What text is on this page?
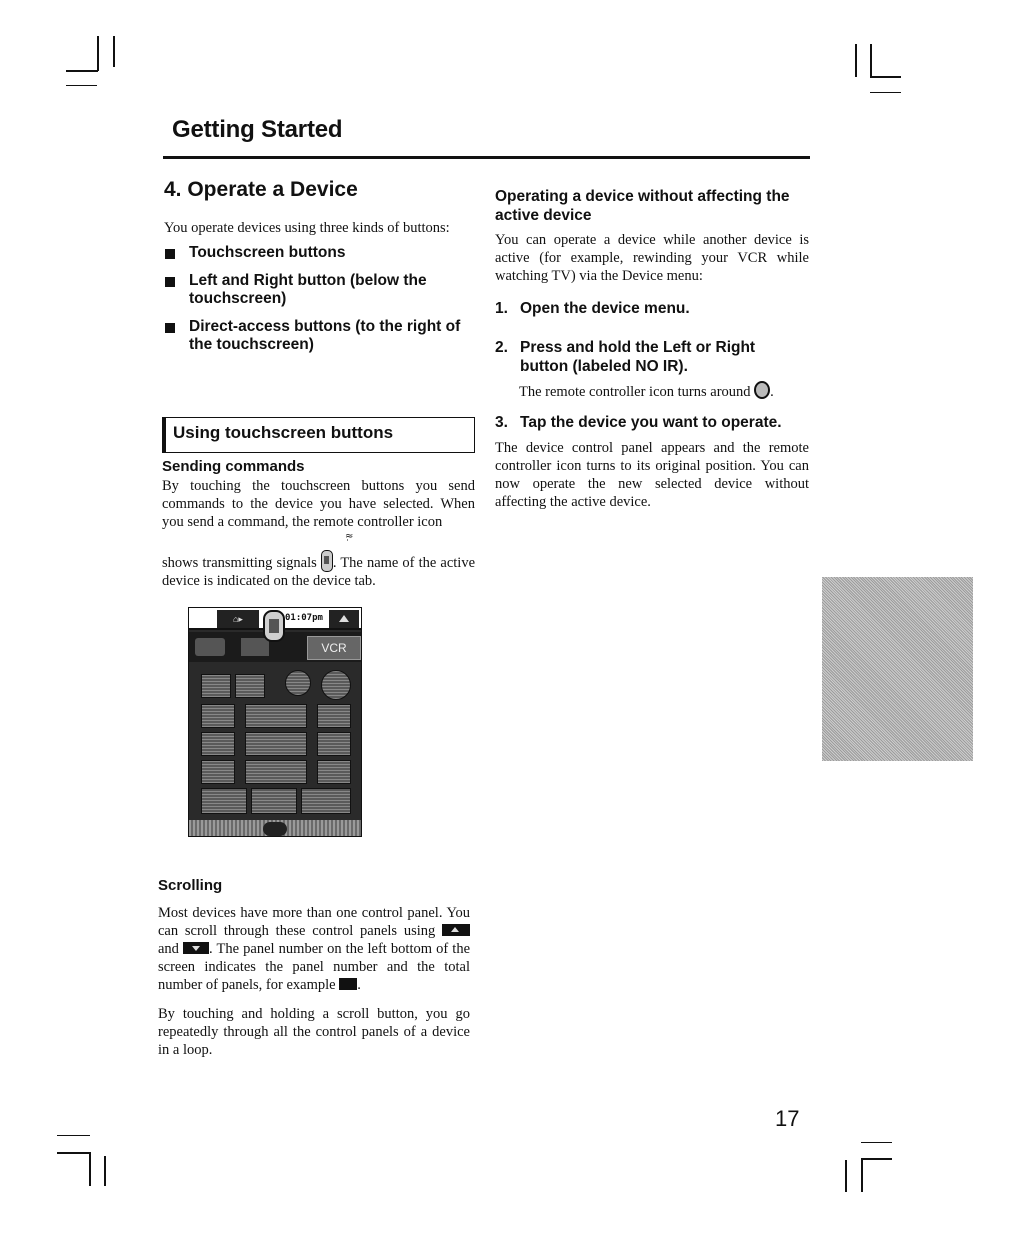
Getting Started
4. Operate a Device

You operate devices using three kinds of buttons:

Touchscreen buttons
Left and Right button (below the touchscreen)
Direct-access buttons (to the right of the touchscreen)
Using touchscreen buttons
Sending commands

By touching the touchscreen buttons you send commands to the device you have selected. When you send a command, the remote controller icon

≈
˙

shows transmitting signals . The name of the active device is indicated on the device tab.

⌂▸	01:07pm
VCR
Scrolling

Most devices have more than one control panel. You can scroll through these control panels using  and . The panel number on the left bottom of the screen indicates the panel number and the total number of panels, for example .

By touching and holding a scroll button, you go repeatedly through all the control panels of a device in a loop.

Operating a device without affecting the active device

You can operate a device while another device is active (for example, rewinding your VCR while watching TV) via the Device menu:

1. Open the device menu.
2. Press and hold the Left or Right button (labeled NO IR).

The remote controller icon turns around .

3. Tap the device you want to operate.

The device control panel appears and the remote controller icon turns to its original position. You can now operate the new selected device without affecting the active device.

17
